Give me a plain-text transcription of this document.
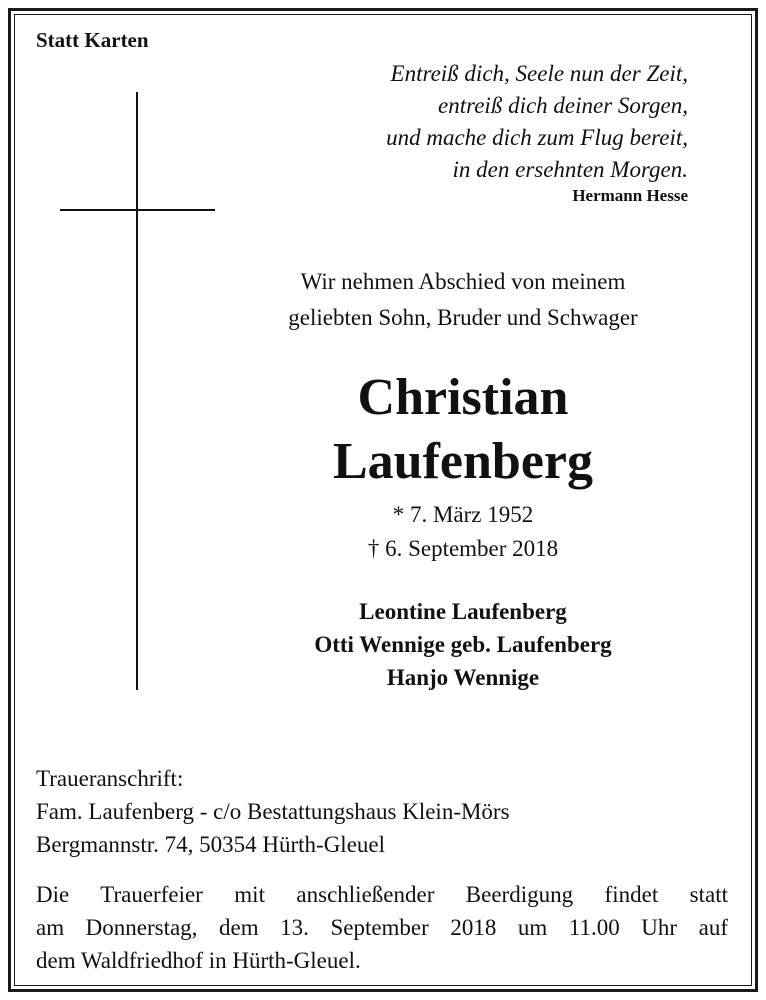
Statt Karten
Entreiß dich, Seele nun der Zeit,
entreiß dich deiner Sorgen,
und mache dich zum Flug bereit,
in den ersehnten Morgen.
Hermann Hesse
Wir nehmen Abschied von meinem
geliebten Sohn, Bruder und Schwager
Christian
Laufenberg
* 7. März 1952
† 6. September 2018
Leontine Laufenberg
Otti Wennige geb. Laufenberg
Hanjo Wennige
Traueranschrift:
Fam. Laufenberg - c/o Bestattungshaus Klein-Mörs
Bergmannstr. 74, 50354 Hürth-Gleuel
Die Trauerfeier mit anschließender Beerdigung findet statt
am Donnerstag, dem 13. September 2018 um 11.00 Uhr auf
dem Waldfriedhof in Hürth-Gleuel.
